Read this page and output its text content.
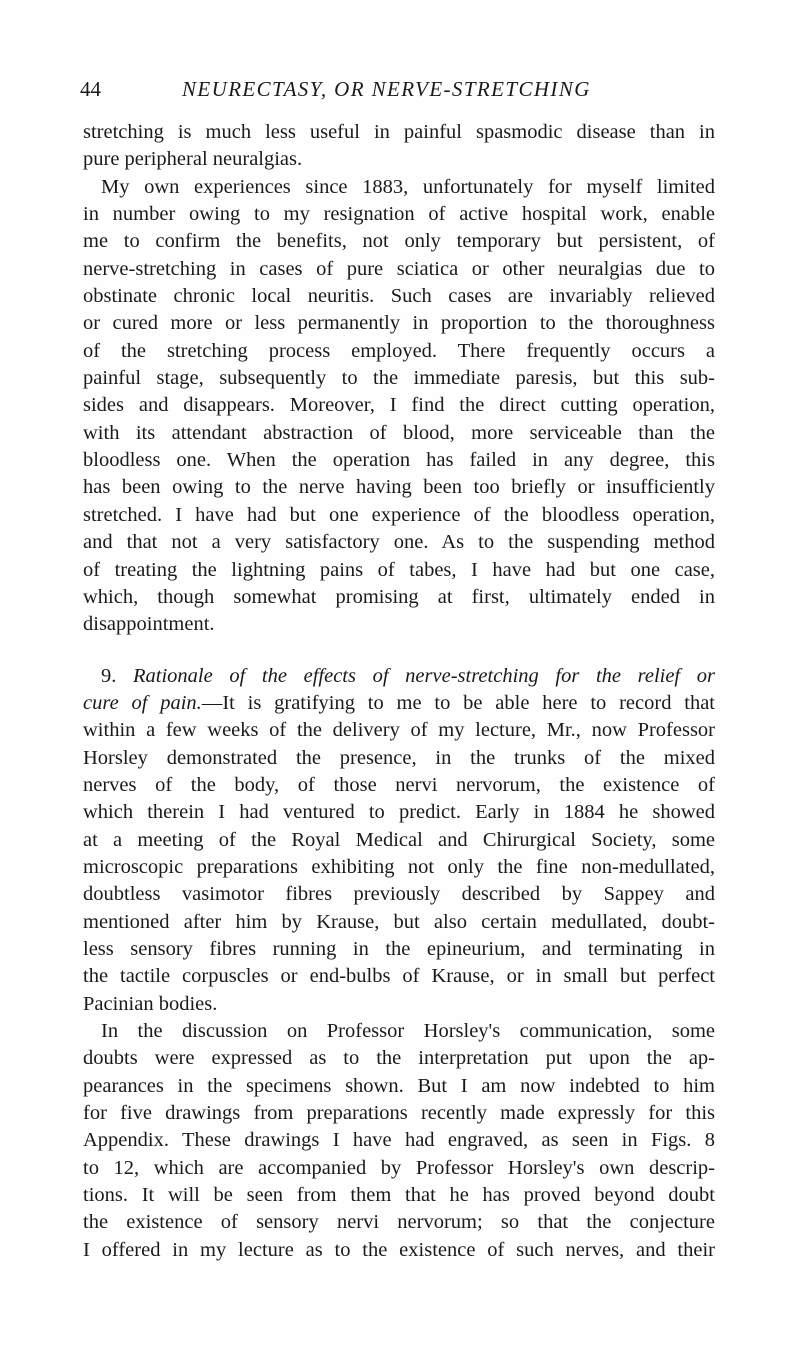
44	NEURECTASY, OR NERVE-STRETCHING
stretching is much less useful in painful spasmodic disease than in
pure peripheral neuralgias.
My own experiences since 1883, unfortunately for myself limited
in number owing to my resignation of active hospital work, enable
me to confirm the benefits, not only temporary but persistent, of
nerve-stretching in cases of pure sciatica or other neuralgias due to
obstinate chronic local neuritis. Such cases are invariably relieved
or cured more or less permanently in proportion to the thoroughness
of the stretching process employed. There frequently occurs a
painful stage, subsequently to the immediate paresis, but this sub-
sides and disappears. Moreover, I find the direct cutting operation,
with its attendant abstraction of blood, more serviceable than the
bloodless one. When the operation has failed in any degree, this
has been owing to the nerve having been too briefly or insufficiently
stretched. I have had but one experience of the bloodless operation,
and that not a very satisfactory one. As to the suspending method
of treating the lightning pains of tabes, I have had but one case,
which, though somewhat promising at first, ultimately ended in
disappointment.
9. Rationale of the effects of nerve-stretching for the relief or
cure of pain.—It is gratifying to me to be able here to record that
within a few weeks of the delivery of my lecture, Mr., now Professor
Horsley demonstrated the presence, in the trunks of the mixed
nerves of the body, of those nervi nervorum, the existence of
which therein I had ventured to predict. Early in 1884 he showed
at a meeting of the Royal Medical and Chirurgical Society, some
microscopic preparations exhibiting not only the fine non-medullated,
doubtless vasimotor fibres previously described by Sappey and
mentioned after him by Krause, but also certain medullated, doubt-
less sensory fibres running in the epineurium, and terminating in
the tactile corpuscles or end-bulbs of Krause, or in small but perfect
Pacinian bodies.
In the discussion on Professor Horsley's communication, some
doubts were expressed as to the interpretation put upon the ap-
pearances in the specimens shown. But I am now indebted to him
for five drawings from preparations recently made expressly for this
Appendix. These drawings I have had engraved, as seen in Figs. 8
to 12, which are accompanied by Professor Horsley's own descrip-
tions. It will be seen from them that he has proved beyond doubt
the existence of sensory nervi nervorum; so that the conjecture
I offered in my lecture as to the existence of such nerves, and their
